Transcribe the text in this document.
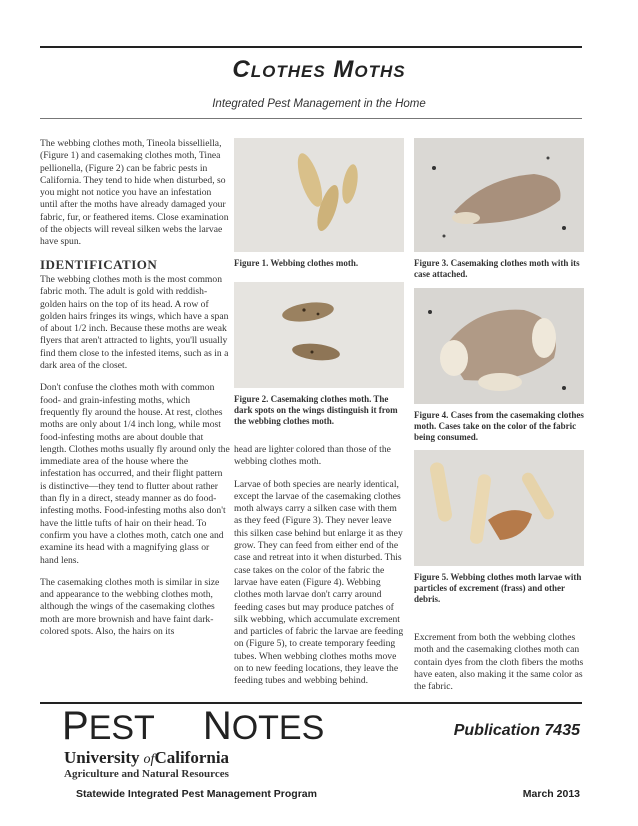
Clothes Moths
Integrated Pest Management in the Home

The webbing clothes moth, Tineola bisselliella, (Figure 1) and casemaking clothes moth, Tinea pellionella, (Figure 2) can be fabric pests in California. They tend to hide when disturbed, so you might not notice you have an infestation until after the moths have already damaged your fabric, fur, or feathered items. Close examination of the objects will reveal silken webs the larvae have spun.

IDENTIFICATION

The webbing clothes moth is the most common fabric moth. The adult is gold with reddish-golden hairs on the top of its head. A row of golden hairs fringes its wings, which have a span of about 1/2 inch. Because these moths are weak flyers that aren't attracted to lights, you'll usually find them close to the infested items, such as in a dark area of the closet.

Don't confuse the clothes moth with common food- and grain-infesting moths, which frequently fly around the house. At rest, clothes moths are only about 1/4 inch long, while most food-infesting moths are about double that length. Clothes moths usually fly around only the immediate area of the house where the infestation has occurred, and their flight pattern is distinctive—they tend to flutter about rather than fly in a direct, steady manner as do food-infesting moths. Food-infesting moths also don't have the little tufts of hair on their head. To confirm you have a clothes moth, catch one and examine its head with a magnifying glass or hand lens.

The casemaking clothes moth is similar in size and appearance to the webbing clothes moth, although the wings of the casemaking clothes moth are more brownish and have faint dark-colored spots. Also, the hairs on its

Figure 1. Webbing clothes moth.
Figure 2. Casemaking clothes moth. The dark spots on the wings distinguish it from the webbing clothes moth.
Figure 3. Casemaking clothes moth with its case attached.
Figure 4. Cases from the casemaking clothes moth. Cases take on the color of the fabric being consumed.
Figure 5. Webbing clothes moth larvae with particles of excrement (frass) and other debris.

head are lighter colored than those of the webbing clothes moth.

Larvae of both species are nearly identical, except the larvae of the casemaking clothes moth always carry a silken case with them as they feed (Figure 3). They never leave this silken case behind but enlarge it as they grow. They can feed from either end of the case and retreat into it when disturbed. This case takes on the color of the fabric the larvae have eaten (Figure 4). Webbing clothes moth larvae don't carry around feeding cases but may produce patches of silk webbing, which accumulate excrement and particles of fabric the larvae are feeding on (Figure 5), to create temporary feeding tubes. When webbing clothes moths move on to new feeding locations, they leave the feeding tubes and webbing behind.

Excrement from both the webbing clothes moth and the casemaking clothes moth can contain dyes from the cloth fibers the moths have eaten, also making it the same color as the fabric.

PEST NOTES	Publication 7435
University ofCalifornia
Agriculture and Natural Resources
Statewide Integrated Pest Management Program	March 2013
